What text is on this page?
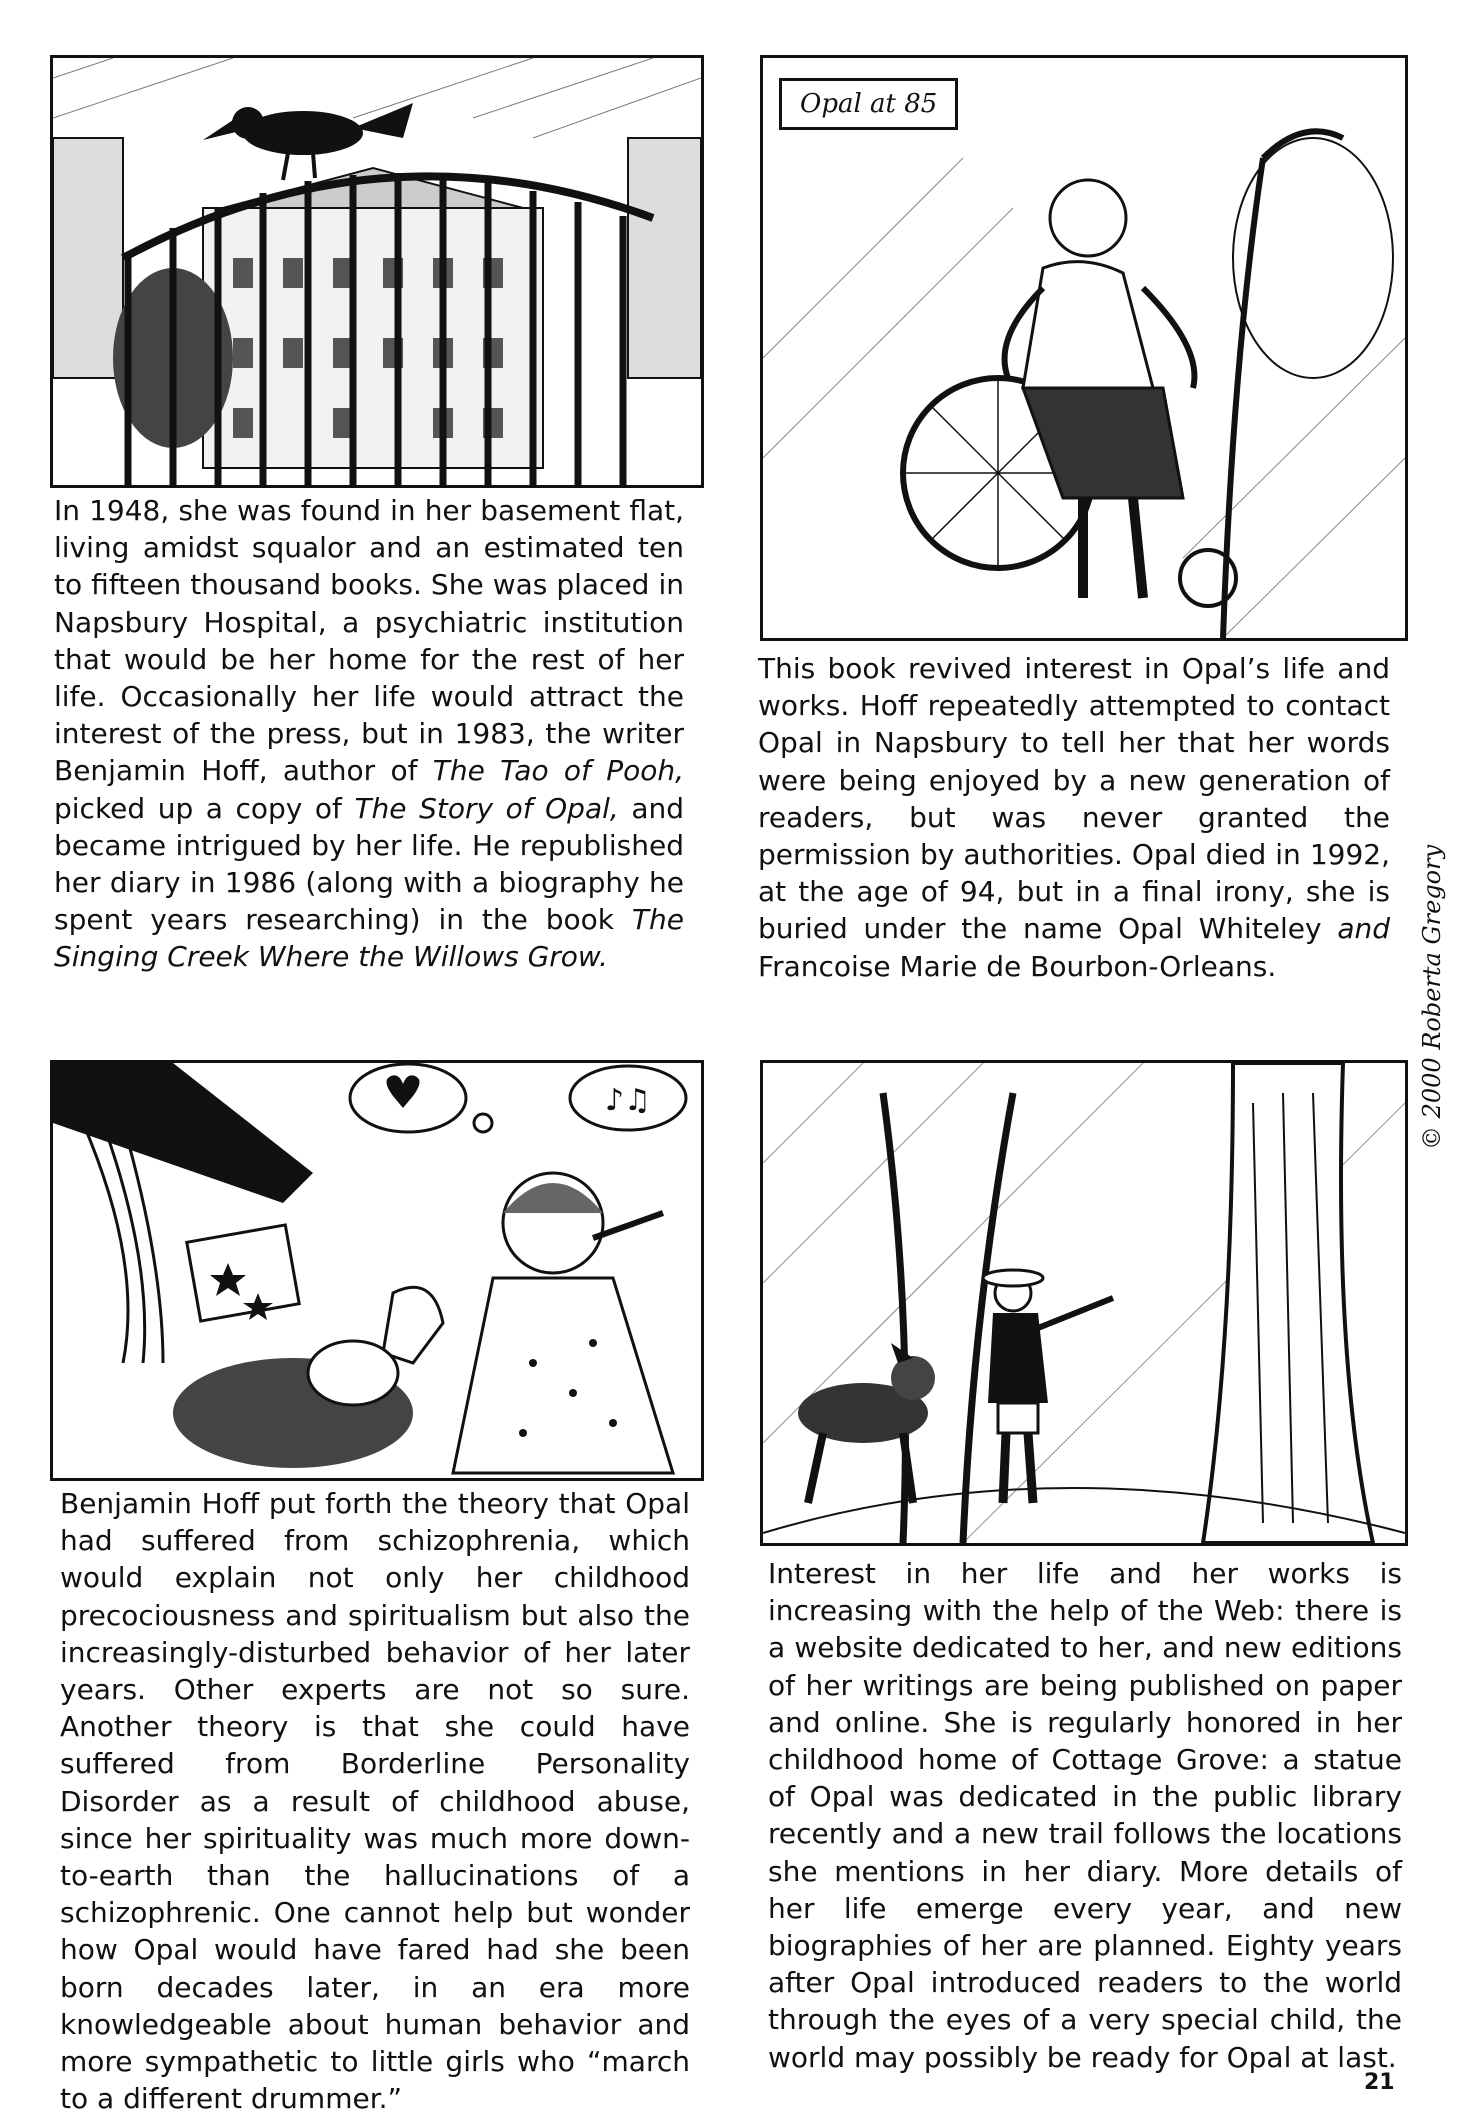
In 1948, she was found in her basement flat, living amidst squalor and an estimated ten to fifteen thousand books. She was placed in Napsbury Hospital, a psychiatric institution that would be her home for the rest of her life. Occasionally her life would attract the interest of the press, but in 1983, the writer Benjamin Hoff, author of The Tao of Pooh, picked up a copy of The Story of Opal, and became intrigued by her life. He republished her diary in 1986 (along with a biography he spent years researching) in the book The Singing Creek Where the Willows Grow.
Opal at 85
This book revived interest in Opal’s life and works. Hoff repeatedly attempted to contact Opal in Napsbury to tell her that her words were being enjoyed by a new generation of readers, but was never granted the permission by authorities. Opal died in 1992, at the age of 94, but in a final irony, she is buried under the name Opal Whiteley and Francoise Marie de Bourbon-Orleans.
♪♫
Benjamin Hoff put forth the theory that Opal had suffered from schizophrenia, which would explain not only her childhood precociousness and spiritualism but also the increasingly-disturbed behavior of her later years. Other experts are not so sure. Another theory is that she could have suffered from Borderline Personality Disorder as a result of childhood abuse, since her spirituality was much more down-to-earth than the hallucinations of a schizophrenic. One cannot help but wonder how Opal would have fared had she been born decades later, in an era more knowledgeable about human behavior and more sympathetic to little girls who “march to a different drummer.”
© 2000 Roberta Gregory
Interest in her life and her works is increasing with the help of the Web: there is a website dedicated to her, and new editions of her writings are being published on paper and online. She is regularly honored in her childhood home of Cottage Grove: a statue of Opal was dedicated in the public library recently and a new trail follows the locations she mentions in her diary. More details of her life emerge every year, and new biographies of her are planned. Eighty years after Opal introduced readers to the world through the eyes of a very special child, the world may possibly be ready for Opal at last.
21
